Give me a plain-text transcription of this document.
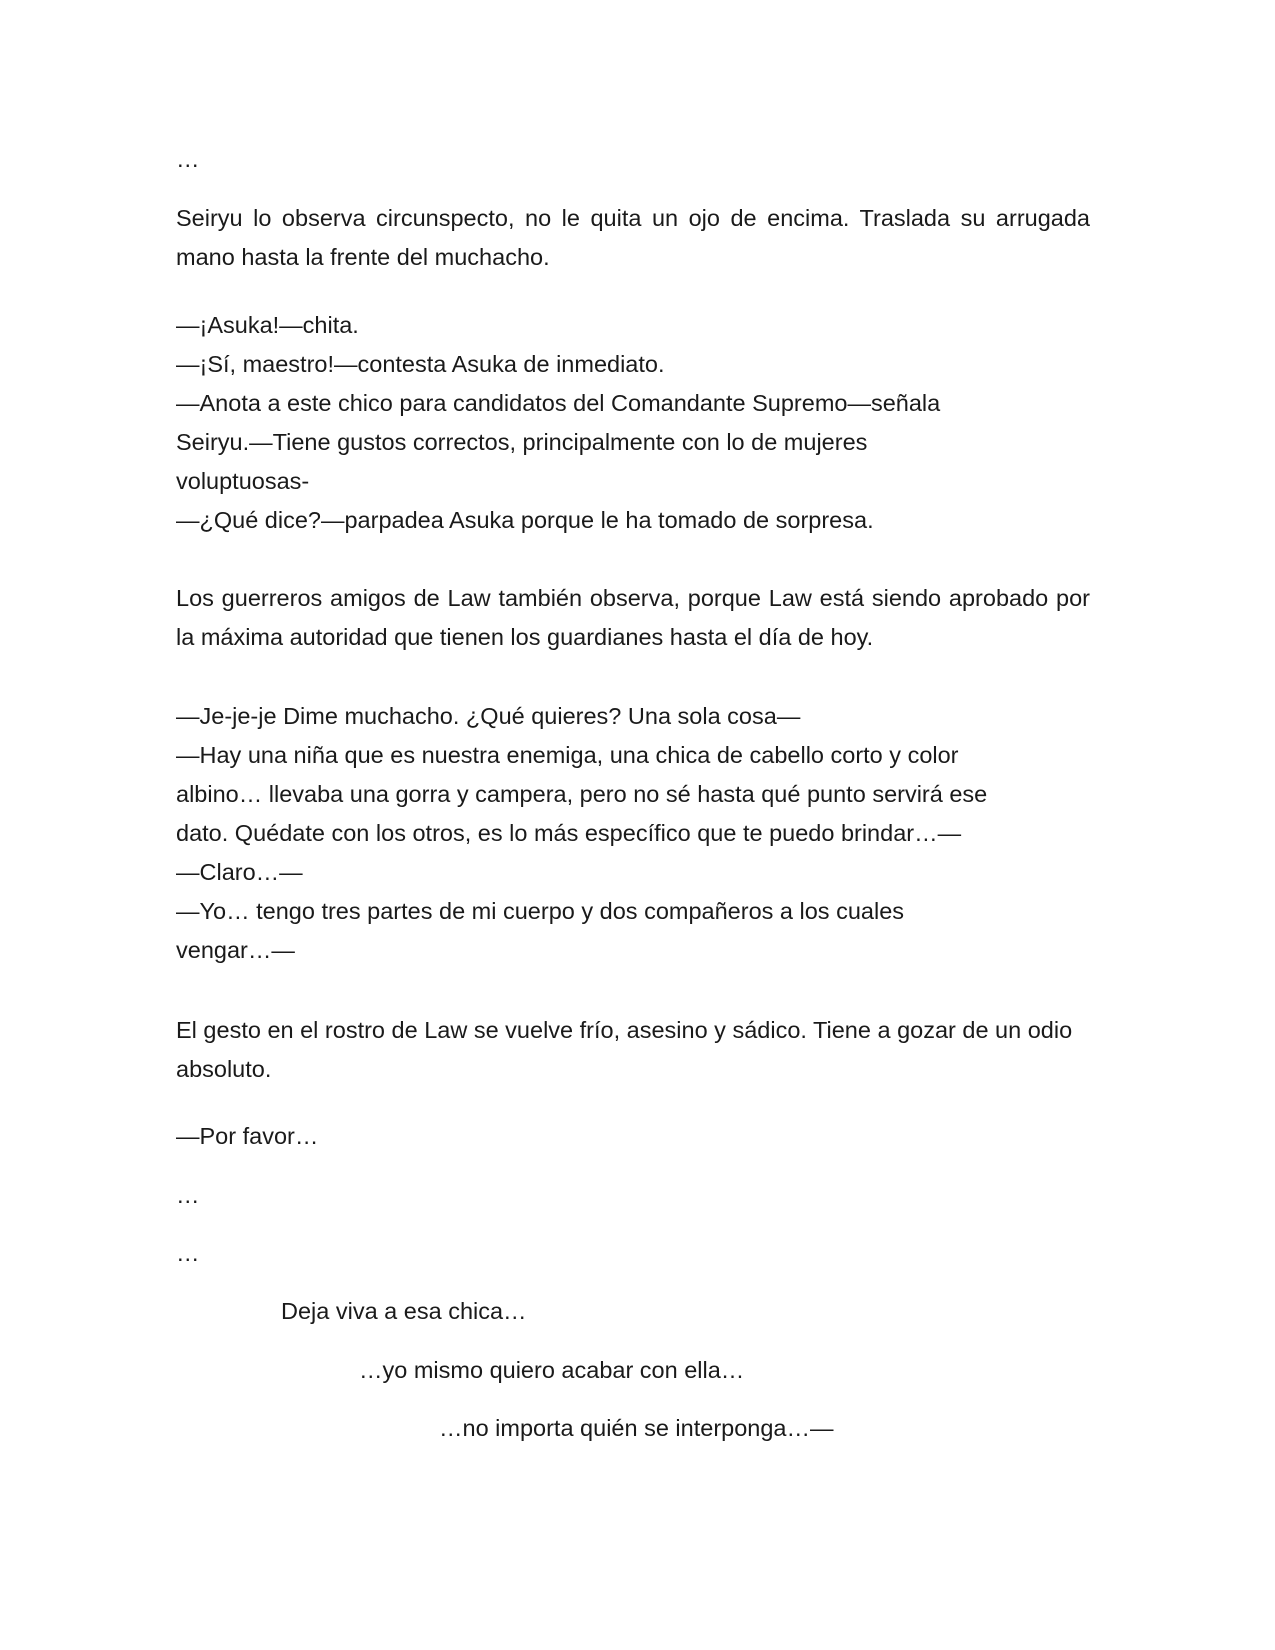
…

Seiryu lo observa circunspecto, no le quita un ojo de encima. Traslada su arrugada mano hasta la frente del muchacho.

—¡Asuka!—chita.
—¡Sí, maestro!—contesta Asuka de inmediato.
—Anota a este chico para candidatos del Comandante Supremo—señala
Seiryu.—Tiene gustos correctos, principalmente con lo de mujeres
voluptuosas-
—¿Qué dice?—parpadea Asuka porque le ha tomado de sorpresa.

Los guerreros amigos de Law también observa, porque Law está siendo aprobado por la máxima autoridad que tienen los guardianes hasta el día de hoy.

—Je-je-je Dime muchacho. ¿Qué quieres? Una sola cosa—
—Hay una niña que es nuestra enemiga, una chica de cabello corto y color
albino… llevaba una gorra y campera, pero no sé hasta qué punto servirá ese
dato. Quédate con los otros, es lo más específico que te puedo brindar…—
—Claro…—
—Yo… tengo tres partes de mi cuerpo y dos compañeros a los cuales
vengar…—

El gesto en el rostro de Law se vuelve frío, asesino y sádico. Tiene a gozar de un odio absoluto.

—Por favor…

…

…

Deja viva a esa chica…

…yo mismo quiero acabar con ella…

…no importa quién se interponga…—
